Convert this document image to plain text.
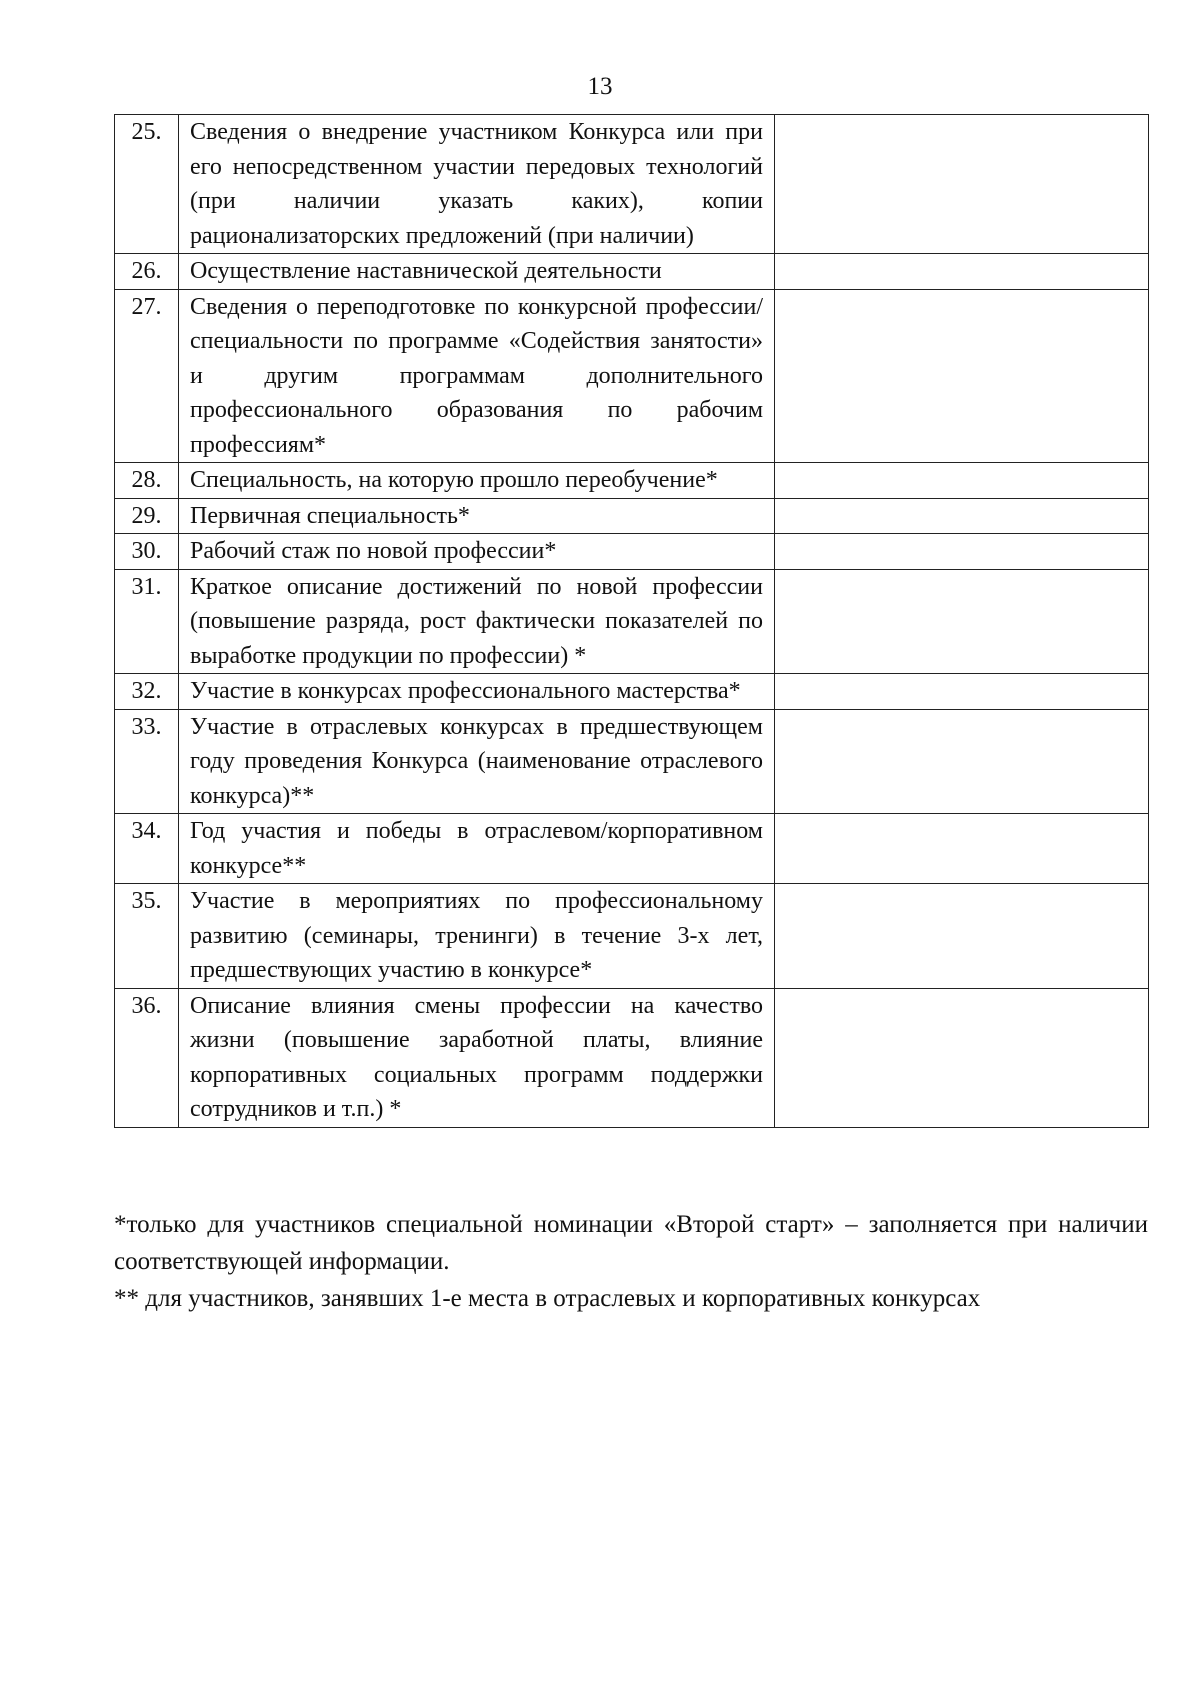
13
25.	Сведения о внедрение участником Конкурса или при его непосредственном участии передовых технологий (при наличии указать каких), копии рационализаторских предложений (при наличии)	

26.	Осуществление наставнической деятельности	

27.	Сведения о переподготовке по конкурсной профессии/специальности по программе «Содействия занятости» и другим программам дополнительного профессионального образования по рабочим профессиям*	

28.	Специальность, на которую прошло переобучение*	

29.	Первичная специальность*	

30.	Рабочий стаж по новой профессии*	

31.	Краткое описание достижений по новой профессии (повышение разряда, рост фактически показателей по выработке продукции по профессии) *	

32.	Участие в конкурсах профессионального мастерства*	

33.	Участие в отраслевых конкурсах в предшествующем году проведения Конкурса (наименование отраслевого конкурса)**	

34.	Год участия и победы в отраслевом/корпоративном конкурсе**	

35.	Участие в мероприятиях по профессиональному развитию (семинары, тренинги) в течение 3-х лет, предшествующих участию в конкурсе*	

36.	Описание влияния смены профессии на качество жизни (повышение заработной платы, влияние корпоративных социальных программ поддержки сотрудников и т.п.) *	

*только для участников специальной номинации «Второй старт» – заполняется при наличии соответствующей информации.

** для участников, занявших 1-е места в отраслевых и корпоративных конкурсах
